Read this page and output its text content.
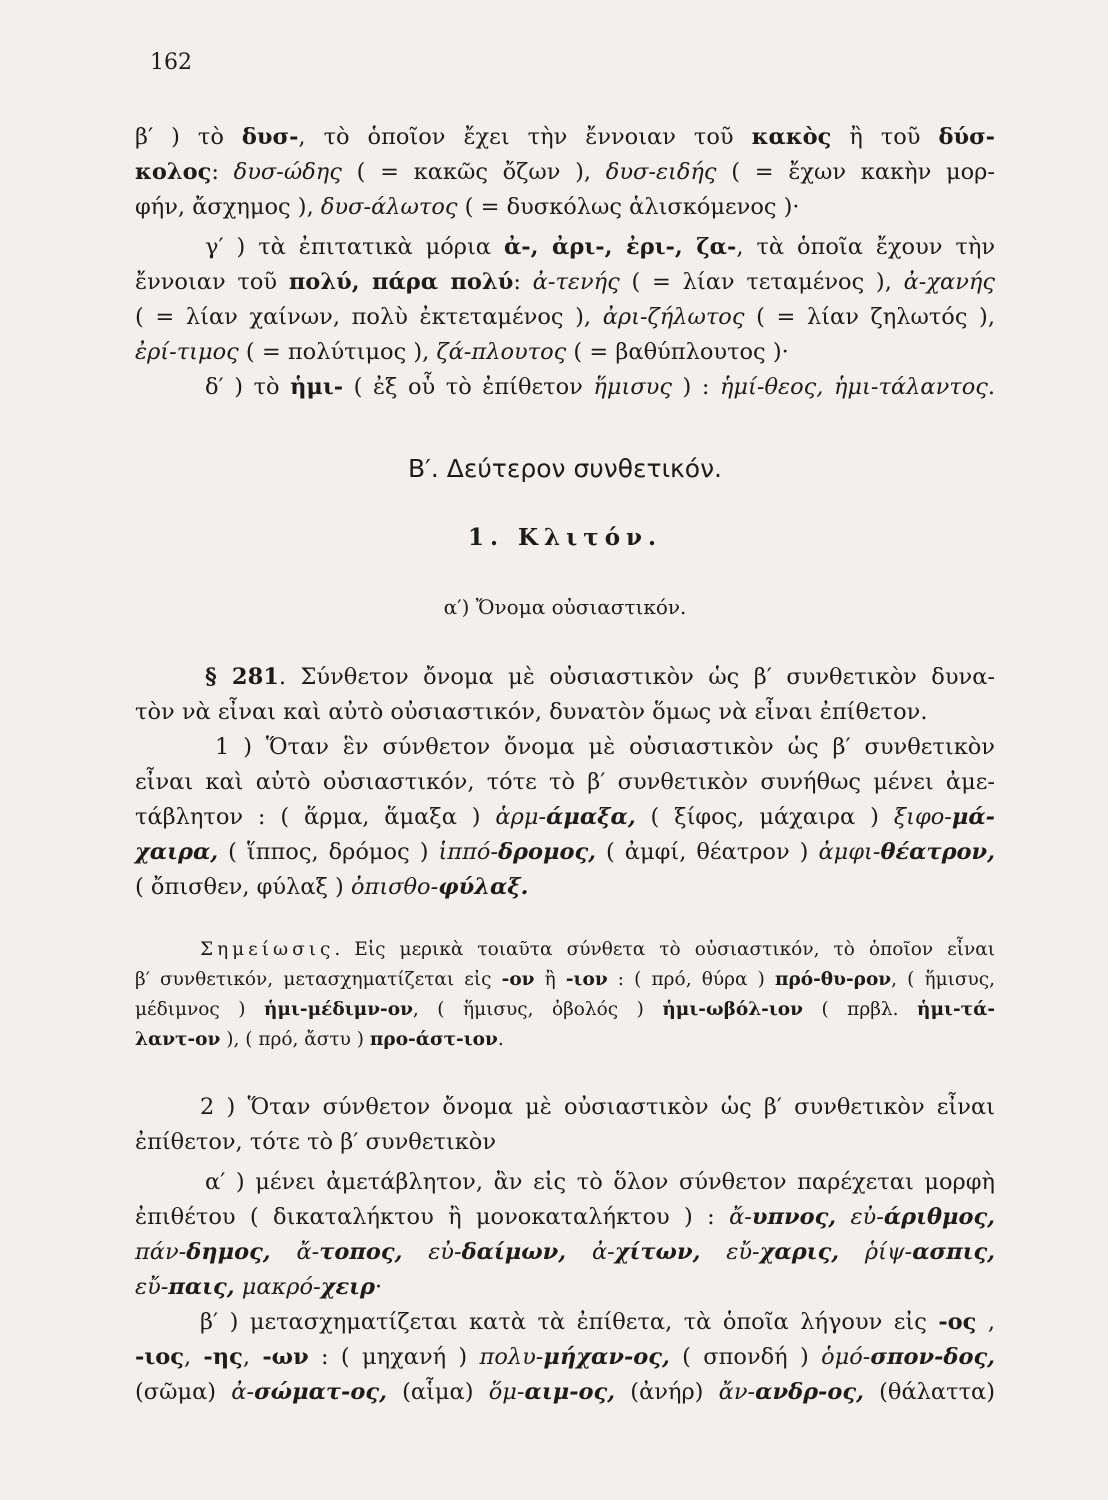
162
β′ ) τὸ δυσ-, τὸ ὁποῖον ἔχει τὴν ἔννοιαν τοῦ κακὸς ἢ τοῦ δύσ-
κολος: δυσ-ώδης ( = κακῶς ὄζων ), δυσ-ειδής ( = ἔχων κακὴν μορ-
φήν, ἄσχημος ), δυσ-άλωτος ( = δυσκόλως ἁλισκόμενος )·
γ′ ) τὰ ἐπιτατικὰ μόρια ἀ-, ἀρι-, ἐρι-, ζα-, τὰ ὁποῖα ἔχουν τὴν
ἔννοιαν τοῦ πολύ, πάρα πολύ: ἀ-τενής ( = λίαν τεταμένος ), ἀ-χανής
( = λίαν χαίνων, πολὺ ἐκτεταμένος ), ἀρι-ζήλωτος ( = λίαν ζηλωτός ),
ἐρί-τιμος ( = πολύτιμος ), ζά-πλουτος ( = βαθύπλουτος )·
δ′ ) τὸ ἡμι- ( ἐξ οὗ τὸ ἐπίθετον ἥμισυς ) : ἡμί-θεος, ἡμι-τάλαντος.
Β′. Δεύτερον συνθετικόν.
1. Κλιτόν.
α′) Ὄνομα οὐσιαστικόν.
§ 281. Σύνθετον ὄνομα μὲ οὐσιαστικὸν ὡς β′ συνθετικὸν δυνα-
τὸν νὰ εἶναι καὶ αὐτὸ οὐσιαστικόν, δυνατὸν ὅμως νὰ εἶναι ἐπίθετον.
1 ) Ὅταν ἓν σύνθετον ὄνομα μὲ οὐσιαστικὸν ὡς β′ συνθετικὸν
εἶναι καὶ αὐτὸ οὐσιαστικόν, τότε τὸ β′ συνθετικὸν συνήθως μένει ἀμε-
τάβλητον : ( ἅρμα, ἅμαξα ) ἁρμ-άμαξα, ( ξίφος, μάχαιρα ) ξιφο-μά-
χαιρα, ( ἵππος, δρόμος ) ἱππό-δρομος, ( ἀμφί, θέατρον ) ἀμφι-θέατρον,
( ὄπισθεν, φύλαξ ) ὀπισθο-φύλαξ.
Σημείωσις. Εἰς μερικὰ τοιαῦτα σύνθετα τὸ οὐσιαστικόν, τὸ ὁποῖον εἶναι
β′ συνθετικόν, μετασχηματίζεται εἰς -ον ἢ -ιον : ( πρό, θύρα ) πρό-θυ-ρον, ( ἥμισυς,
μέδιμνος ) ἡμι-μέδιμν-ον, ( ἥμισυς, ὀβολός ) ἡμι-ωβόλ-ιον ( πρβλ. ἡμι-τά-
λαντ-ον ), ( πρό, ἄστυ ) προ-άστ-ιον.
2 ) Ὅταν σύνθετον ὄνομα μὲ οὐσιαστικὸν ὡς β′ συνθετικὸν εἶναι
ἐπίθετον, τότε τὸ β′ συνθετικὸν
α′ ) μένει ἀμετάβλητον, ἂν εἰς τὸ ὅλον σύνθετον παρέχεται μορφὴ
ἐπιθέτου ( δικαταλήκτου ἢ μονοκαταλήκτου ) : ἄ-υπνος, εὐ-άριθμος,
πάν-δημος, ἄ-τοπος, εὐ-δαίμων, ἀ-χίτων, εὔ-χαρις, ῥίψ-ασπις,
εὔ-παις, μακρό-χειρ·
β′ ) μετασχηματίζεται κατὰ τὰ ἐπίθετα, τὰ ὁποῖα λήγουν εἰς -ος ,
-ιος, -ης, -ων : ( μηχανή ) πολυ-μήχαν-ος, ( σπονδή ) ὁμό-σπον-δος,
(σῶμα) ἀ-σώματ-ος, (αἷμα) ὅμ-αιμ-ος, (ἀνήρ) ἄν-ανδρ-ος, (θάλαττα)
